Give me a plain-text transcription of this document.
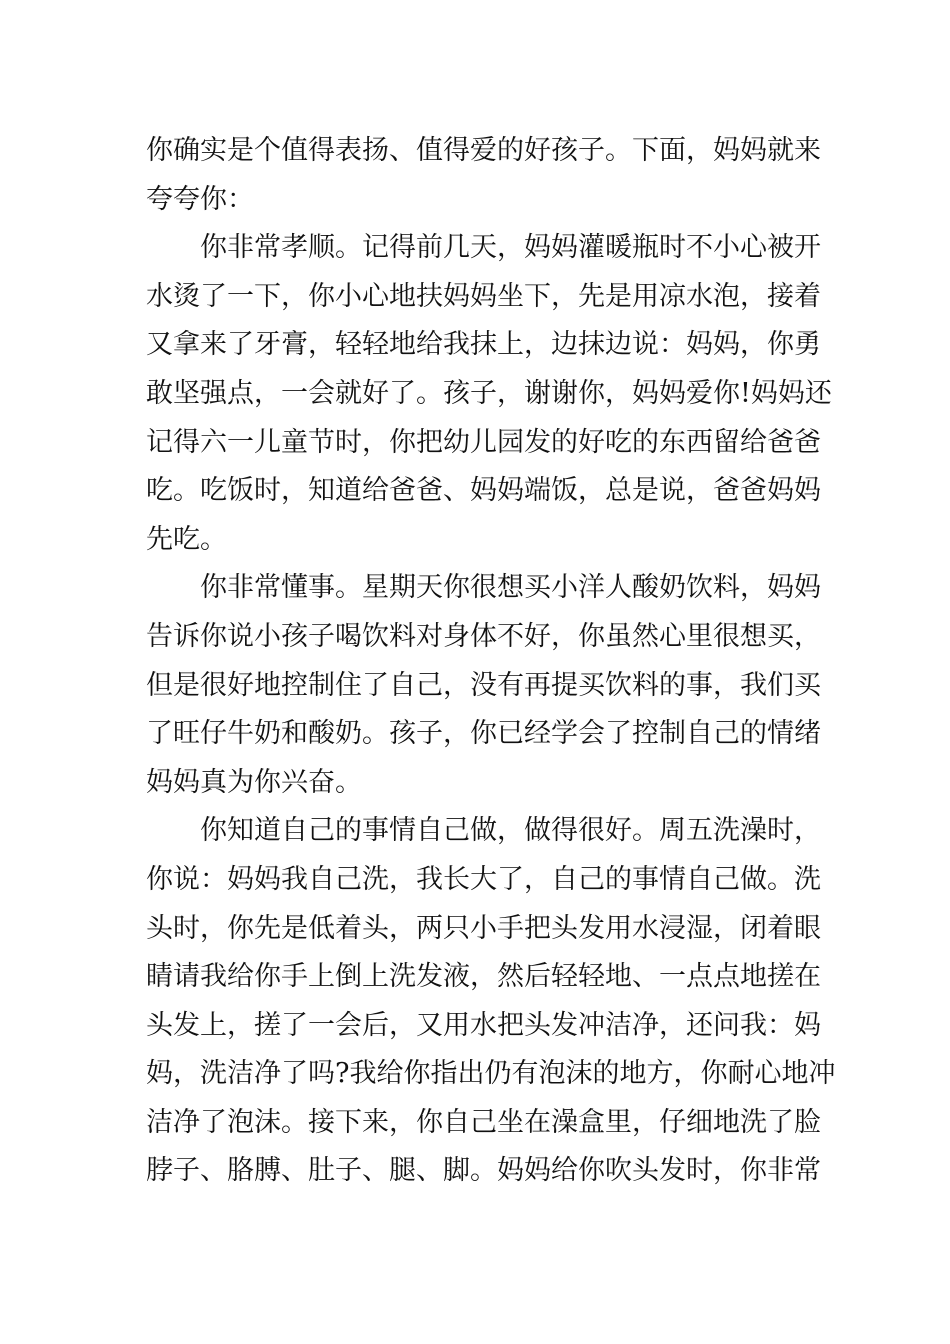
你确实是个值得表扬、值得爱的好孩子。下面，妈妈就来
夸夸你：
你非常孝顺。记得前几天，妈妈灌暖瓶时不小心被开
水烫了一下，你小心地扶妈妈坐下，先是用凉水泡，接着
又拿来了牙膏，轻轻地给我抹上，边抹边说：妈妈，你勇
敢坚强点，一会就好了。孩子，谢谢你，妈妈爱你!妈妈还
记得六一儿童节时，你把幼儿园发的好吃的东西留给爸爸
吃。吃饭时，知道给爸爸、妈妈端饭，总是说，爸爸妈妈
先吃。
你非常懂事。星期天你很想买小洋人酸奶饮料，妈妈
告诉你说小孩子喝饮料对身体不好，你虽然心里很想买，
但是很好地控制住了自己，没有再提买饮料的事，我们买
了旺仔牛奶和酸奶。孩子，你已经学会了控制自己的情绪
妈妈真为你兴奋。
你知道自己的事情自己做，做得很好。周五洗澡时，
你说：妈妈我自己洗，我长大了，自己的事情自己做。洗
头时，你先是低着头，两只小手把头发用水浸湿，闭着眼
睛请我给你手上倒上洗发液，然后轻轻地、一点点地搓在
头发上，搓了一会后，又用水把头发冲洁净，还问我：妈
妈，洗洁净了吗?我给你指出仍有泡沫的地方，你耐心地冲
洁净了泡沫。接下来，你自己坐在澡盒里，仔细地洗了脸
脖子、胳膊、肚子、腿、脚。妈妈给你吹头发时，你非常
